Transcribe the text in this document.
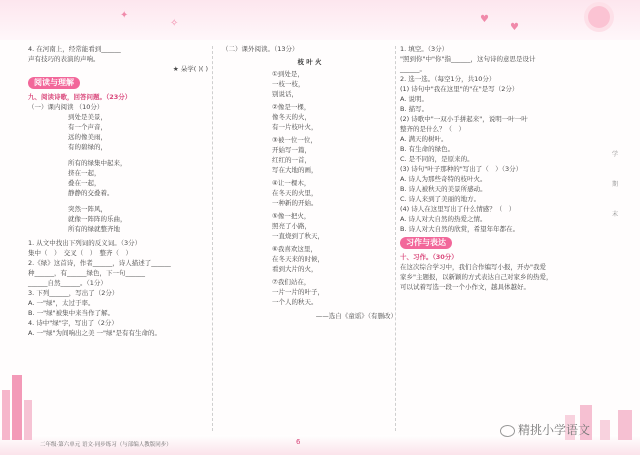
✦
✧	♥
♥
4. 在河南上，经常能看到______
声有技巧的表演的声响。
★ 朵学( )( )
阅读与理解
九、阅读诗歌，回答问题。（23分）
（一）课内阅读 （10分）
到处是美景，
有一个声音，
远的像美雨，
有的碧绿的，
所有的绿集中起来，
挤在一起，
叠在一起，
静静的交叠着。
突然一阵风，
就像一阵阵的乐曲，
所有的绿就整齐地
1. 从文中找出下列词的反义词。（3分）
集中（　）　交叉（　）　整齐（　）
2.《绿》这首诗，作者______，诗人描述了______
种______，有______绿色，下一句______
______自然______。（1分）
3. 下列______，写出了（2分）
A. 一"绿"，太过于率。
B. 一"绿"被集中来当作了解。
4. 诗中"绿"字，写出了（2分）
A. 一"绿"为间响出之美 一"绿"是有有生命的。
二年级·第六单元 语文·同步练习（与部编人教版同步）
（二）课外阅读。（13分）
枝 叶 火
①到处是，
一枝一枝，
别说话，
②像是一棵，
像冬天的火，
有一片枝叶火，
③被一位一位，
开始写一篇，
红红的一首，
写在大地的画，
④让一棵木，
在冬天的火里，
一种新的开始。
⑤像一把火，
照亮了小路，
一直烧到了秋天，
⑥我喜欢这里，
在冬天来的时候，
看到大片的火，
⑦我们站在，
一片一片的叶子，
一个人的秋天。
——选自《童谣》（有删改）
6
1. 填空。（3分）
"照到你"中"你"指______，这句诗的意思是设计
______。
2. 选一选。（每空1分，共10分）
(1) 诗句中"我在这里"的"在"是写（2分）
A. 说明。
B. 描写。
(2) 诗歌中"一双小手拼起来"，说明一叶一叶
整齐的是什么？（　）
A. 满天的树叶。
B. 有生命的绿色。
C. 是不同的，是原来的。
(3) 诗句"叶子那种的"写出了（　）（3分）
A. 诗人为那些奇特的枝叶火。
B. 诗人被秋天的美景所感动。
C. 诗人来到了美丽的地方。
(4) 诗人在这里写出了什么情感？（　）
A. 诗人对大自然的热爱之情。
B. 诗人对大自然的欣赏，希望年年都在。
习作与表达
十、习作。（30分）
在这次综合学习中，我们合作编写小报，开办"我爱
家乡"主题报，以新颖的方式表达自己对家乡的热爱，
可以试着写选一段一个小作文，越具体越好。
学
期
末
精挑小学语文
